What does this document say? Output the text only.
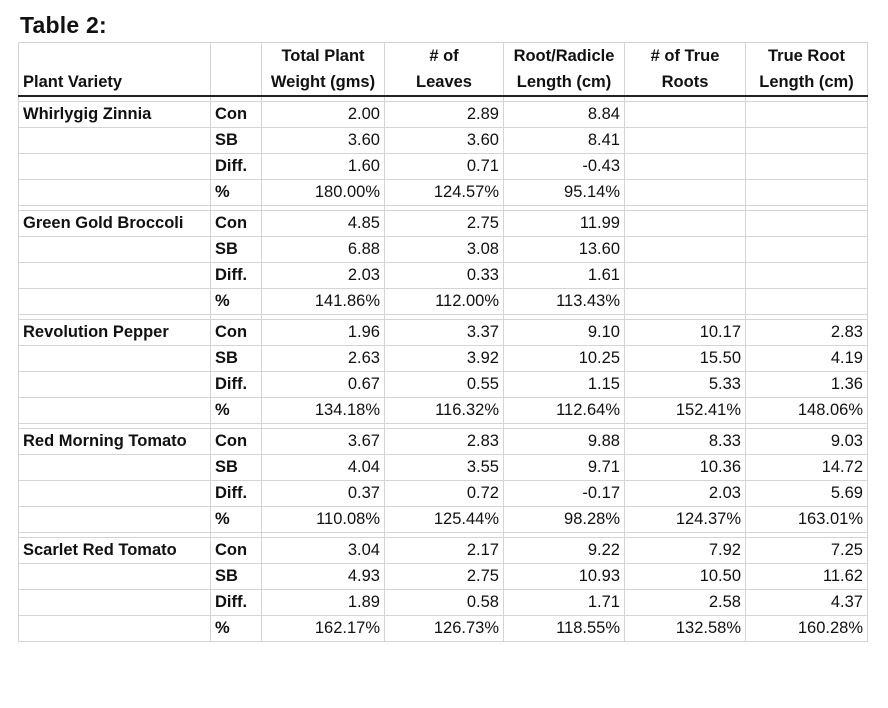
Table 2:
		Total Plant	# of	Root/Radicle	# of True	True Root
Plant Variety		Weight (gms)	Leaves	Length (cm)	Roots	Length (cm)

Whirlygig Zinnia	Con	2.00	2.89	8.84		
	SB	3.60	3.60	8.41		
	Diff.	1.60	0.71	-0.43		
	%	180.00%	124.57%	95.14%		

Green Gold Broccoli	Con	4.85	2.75	11.99		
	SB	6.88	3.08	13.60		
	Diff.	2.03	0.33	1.61		
	%	141.86%	112.00%	113.43%		

Revolution Pepper	Con	1.96	3.37	9.10	10.17	2.83
	SB	2.63	3.92	10.25	15.50	4.19
	Diff.	0.67	0.55	1.15	5.33	1.36
	%	134.18%	116.32%	112.64%	152.41%	148.06%

Red Morning Tomato	Con	3.67	2.83	9.88	8.33	9.03
	SB	4.04	3.55	9.71	10.36	14.72
	Diff.	0.37	0.72	-0.17	2.03	5.69
	%	110.08%	125.44%	98.28%	124.37%	163.01%

Scarlet Red Tomato	Con	3.04	2.17	9.22	7.92	7.25
	SB	4.93	2.75	10.93	10.50	11.62
	Diff.	1.89	0.58	1.71	2.58	4.37
	%	162.17%	126.73%	118.55%	132.58%	160.28%
